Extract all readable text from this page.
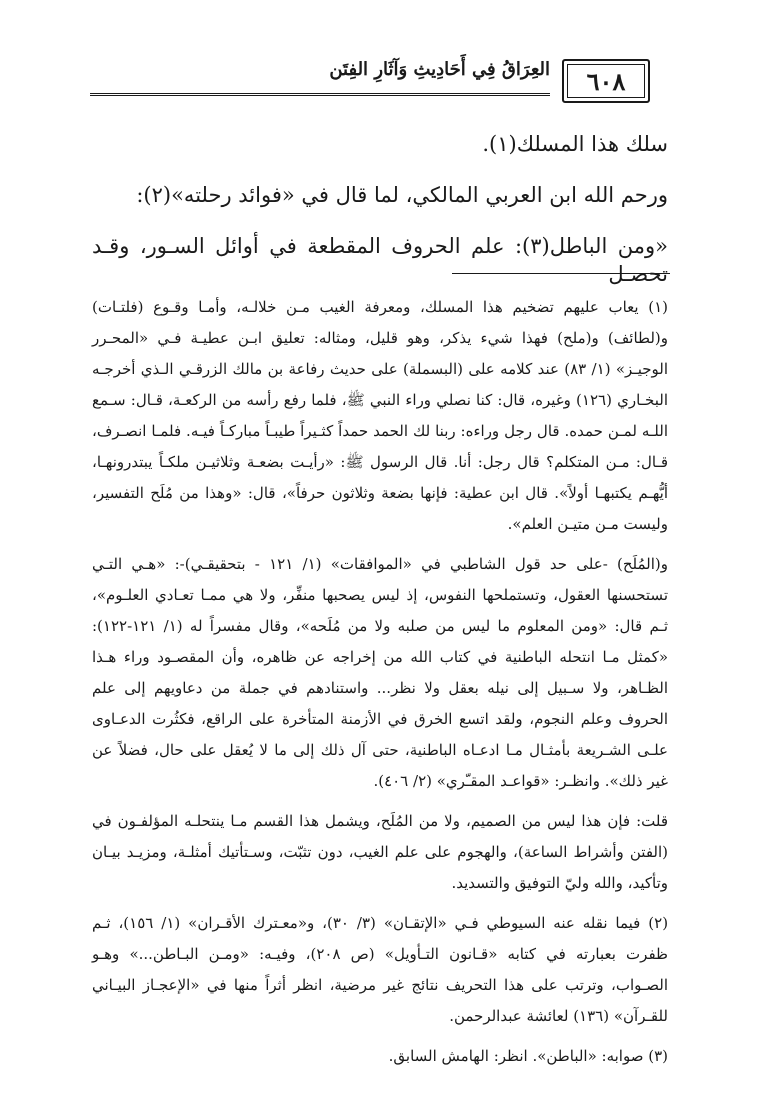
٦٠٨
العِرَاقُ فِي أَحَادِيثِ وَآثَارِ الفِتَن

سلك هذا المسلك(١).

ورحم الله ابن العربي المالكي، لما قال في «فوائد رحلته»(٢):

«ومن الباطل(٣): علم الحروف المقطعة في أوائل السـور، وقـد تحصـل

(١) يعاب عليهم تضخيم هذا المسلك، ومعرفة الغيب مـن خلالـه، وأمـا وقـوع (فلتـات) و(لطائف) و(ملح) فهذا شيء يذكر، وهو قليل، ومثاله: تعليق ابـن عطيـة فـي «المحـرر الوجيـز» (١/ ٨٣) عند كلامه على (البسملة) على حديث رفاعة بن مالك الزرقـي الـذي أخرجـه البخـاري (١٢٦) وغيره، قال: كنا نصلي وراء النبي ﷺ، فلما رفع رأسه من الركعـة، قـال: سـمع اللـه لمـن حمده. قال رجل وراءه: ربنا لك الحمد حمداً كثـيراً طيبـاً مباركـاً فيـه. فلمـا انصـرف، قـال: مـن المتكلم؟ قال رجل: أنا. قال الرسول ﷺ: «رأيـت بضعـة وثلاثيـن ملكـاً يبتدرونهـا، أيُّهـم يكتبهـا أولاً». قال ابن عطية: فإنها بضعة وثلاثون حرفاً»، قال: «وهذا من مُلَح التفسير، وليست مـن متيـن العلم».

و(المُلَح) -على حد قول الشاطبي في «الموافقات» (١/ ١٢١ - بتحقيقـي)-: «هـي التـي تستحسنها العقول، وتستملحها النفوس، إذ ليس يصحبها منفِّر، ولا هي ممـا تعـادي العلـوم»، ثـم قال: «ومن المعلوم ما ليس من صلبه ولا من مُلَحه»، وقال مفسراً له (١/ ١٢١-١٢٢): «كمثل مـا انتحله الباطنية في كتاب الله من إخراجه عن ظاهره، وأن المقصـود وراء هـذا الظـاهر، ولا سـبيل إلى نيله بعقل ولا نظر... واستنادهم في جملة من دعاويهم إلى علم الحروف وعلم النجوم، ولقد اتسع الخرق في الأزمنة المتأخرة على الراقع، فكثُرت الدعـاوى علـى الشـريعة بأمثـال مـا ادعـاه الباطنية، حتى آل ذلك إلى ما لا يُعقل على حال، فضلاً عن غير ذلك». وانظـر: «قواعـد المقـّري» (٢/ ٤٠٦).

قلت: فإن هذا ليس من الصميم، ولا من المُلَح، ويشمل هذا القسم مـا ينتحلـه المؤلفـون في (الفتن وأشراط الساعة)، والهجوم على علم الغيب، دون تثبّت، وسـتأتيك أمثلـة، ومزيـد بيـان وتأكيد، والله وليّ التوفيق والتسديد.

(٢) فيما نقله عنه السيوطي فـي «الإتقـان» (٣/ ٣٠)، و«معـترك الأقـران» (١/ ١٥٦)، ثـم ظفرت بعبارته في كتابه «قـانون التـأويل» (ص ٢٠٨)، وفيـه: «ومـن البـاطن...» وهـو الصـواب، وترتب على هذا التحريف نتائج غير مرضية، انظر أثراً منها في «الإعجـاز البيـاني للقـرآن» (١٣٦) لعائشة عبدالرحمن.

(٣) صوابه: «الباطن». انظر: الهامش السابق.
